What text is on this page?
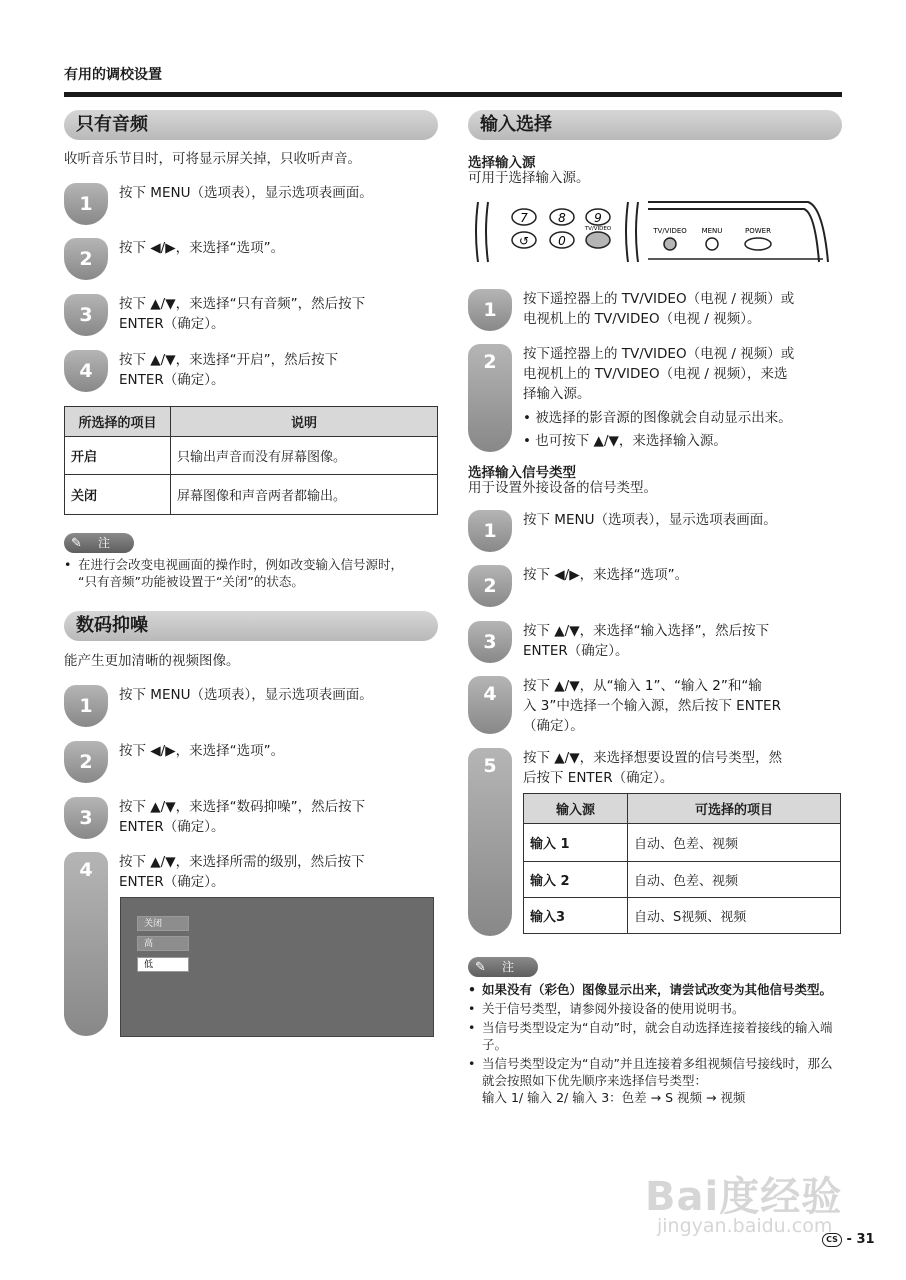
有用的调校设置
只有音频
收听音乐节目时，可将显示屏关掉，只收听声音。
1	按下 MENU（选项表），显示选项表画面。
2	按下 ◀/▶，来选择“选项”。
3	按下 ▲/▼，来选择“只有音频”，然后按下
ENTER（确定）。
4	按下 ▲/▼，来选择“开启”，然后按下
ENTER（确定）。
所选择的项目	说明
开启	只输出声音而没有屏幕图像。
关闭	屏幕图像和声音两者都输出。
✎ 注
• 在进行会改变电视画面的操作时，例如改变输入信号源时，
“只有音频”功能被设置于“关闭”的状态。
数码抑噪
能产生更加清晰的视频图像。
1	按下 MENU（选项表），显示选项表画面。
2	按下 ◀/▶，来选择“选项”。
3	按下 ▲/▼，来选择“数码抑噪”，然后按下
ENTER（确定）。
4	按下 ▲/▼，来选择所需的级别，然后按下
ENTER（确定）。
关闭
高
低
输入选择
选择输入源
可用于选择输入源。
7	8 9
↺ 0
TV/VIDEO	TV/VIDEO MENU	POWER
1	按下遥控器上的 TV/VIDEO（电视 / 视频）或
电视机上的 TV/VIDEO（电视 / 视频）。
2	按下遥控器上的 TV/VIDEO（电视 / 视频）或
电视机上的 TV/VIDEO（电视 / 视频），来选
择输入源。
• 被选择的影音源的图像就会自动显示出来。
• 也可按下 ▲/▼，来选择输入源。
选择输入信号类型
用于设置外接设备的信号类型。
1	按下 MENU（选项表），显示选项表画面。
2	按下 ◀/▶，来选择“选项”。
3	按下 ▲/▼，来选择“输入选择”，然后按下
ENTER（确定）。
4	按下 ▲/▼，从“输入 1”、“输入 2”和“输
入 3”中选择一个输入源，然后按下 ENTER
（确定）。
5	按下 ▲/▼，来选择想要设置的信号类型，然
后按下 ENTER（确定）。
输入源	可选择的项目
输入 1	自动、色差、视频
输入 2	自动、色差、视频
输入3	自动、S视频、视频
✎ 注
• 如果没有（彩色）图像显示出来，请尝试改变为其他信号类型。
• 关于信号类型，请参阅外接设备的使用说明书。
• 当信号类型设定为“自动”时，就会自动选择连接着接线的输入端子。
• 当信号类型设定为“自动”并且连接着多组视频信号接线时，那么就会按照如下优先顺序来选择信号类型：
输入 1/ 输入 2/ 输入 3：色差 → S 视频 → 视频
Bai度经验
jingyan.baidu.com
CS - 31
